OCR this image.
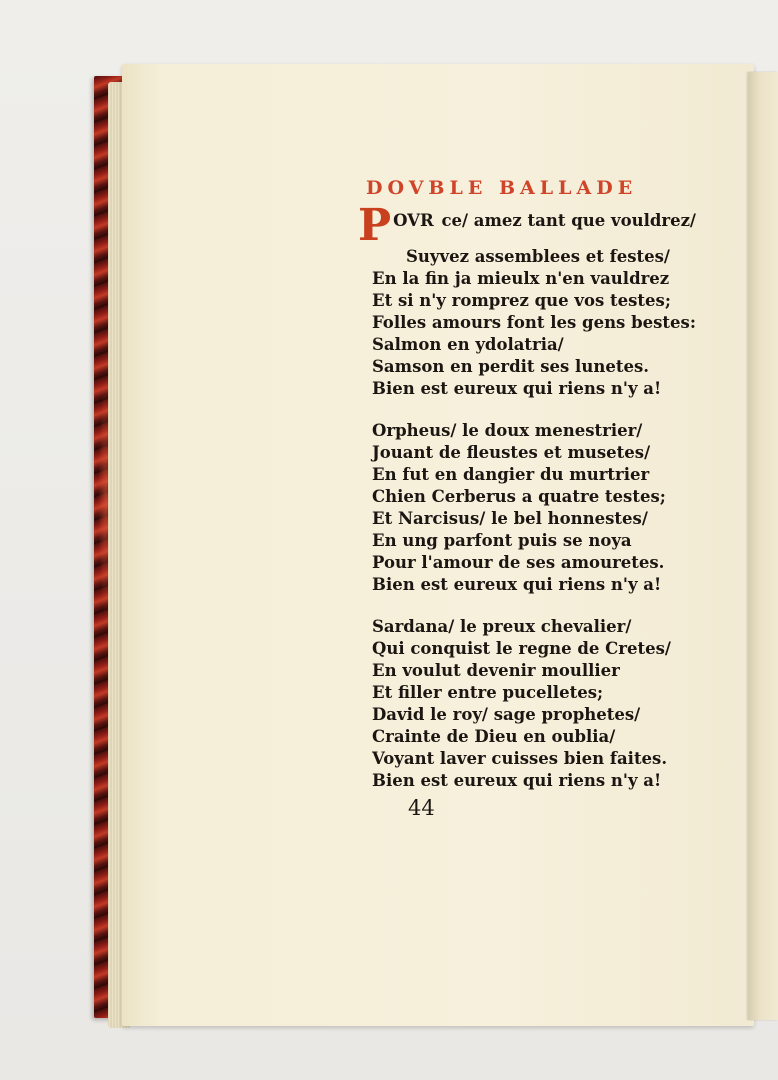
DOVBLE BALLADE
POVR ce/ amez tant que vouldrez/
Suyvez assemblees et festes/
En la fin ja mieulx n'en vauldrez
Et si n'y romprez que vos testes;
Folles amours font les gens bestes:
Salmon en ydolatria/
Samson en perdit ses lunetes.
Bien est eureux qui riens n'y a!
Orpheus/ le doux menestrier/
Jouant de fleustes et musetes/
En fut en dangier du murtrier
Chien Cerberus a quatre testes;
Et Narcisus/ le bel honnestes/
En ung parfont puis se noya
Pour l'amour de ses amouretes.
Bien est eureux qui riens n'y a!
Sardana/ le preux chevalier/
Qui conquist le regne de Cretes/
En voulut devenir moullier
Et filler entre pucelletes;
David le roy/ sage prophetes/
Crainte de Dieu en oublia/
Voyant laver cuisses bien faites.
Bien est eureux qui riens n'y a!
44
